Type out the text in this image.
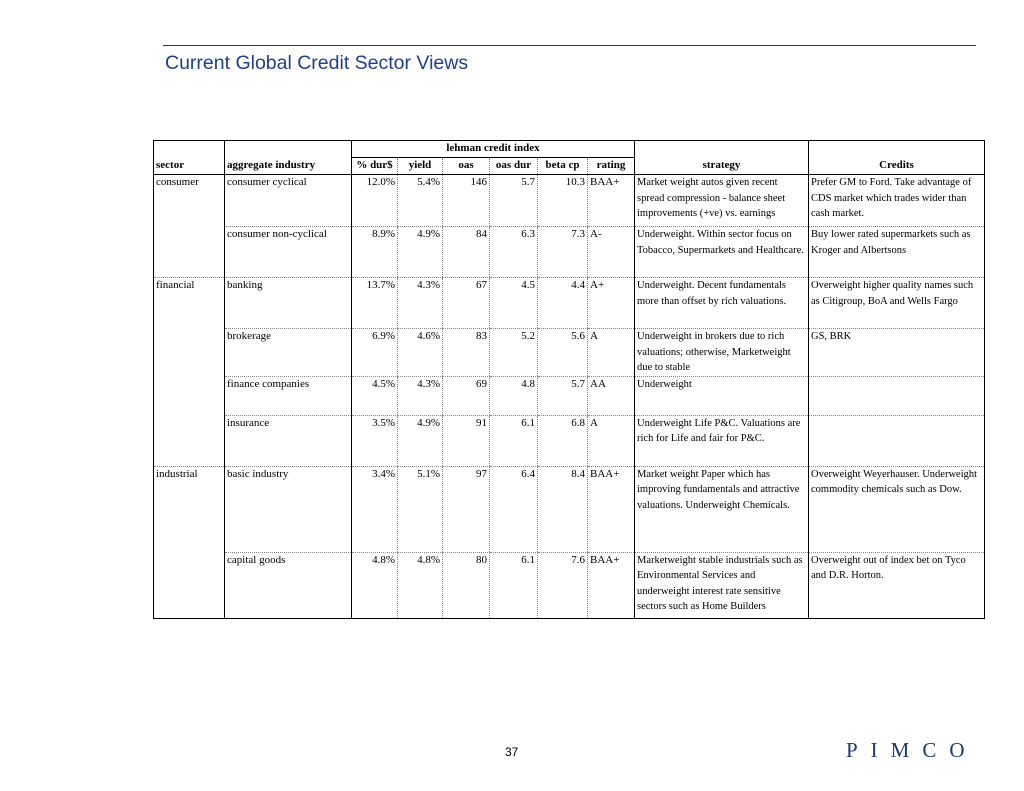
Current Global Credit Sector Views
		lehman credit index							
sector	aggregate industry	% dur$	yield	oas	oas dur	beta cp	rating	strategy	Credits
consumer	consumer cyclical	12.0%	5.4%	146	5.7	10.3	BAA+	Market weight autos given recent spread compression - balance sheet improvements (+ve) vs. earnings	Prefer GM to Ford. Take advantage of CDS market which trades wider than cash market.
	consumer non-cyclical	8.9%	4.9%	84	6.3	7.3	A-	Underweight. Within sector focus on Tobacco, Supermarkets and Healthcare.	Buy lower rated supermarkets such as Kroger and Albertsons
financial	banking	13.7%	4.3%	67	4.5	4.4	A+	Underweight. Decent fundamentals more than offset by rich valuations.	Overweight higher quality names such as Citigroup, BoA and Wells Fargo
	brokerage	6.9%	4.6%	83	5.2	5.6	A	Underweight in brokers due to rich valuations; otherwise, Marketweight due to stable	GS, BRK
	finance companies	4.5%	4.3%	69	4.8	5.7	AA	Underweight	
	insurance	3.5%	4.9%	91	6.1	6.8	A	Underweight Life P&C. Valuations are rich for Life and fair for P&C.	
industrial	basic industry	3.4%	5.1%	97	6.4	8.4	BAA+	Market weight Paper which has improving fundamentals and attractive valuations. Underweight Chemicals.	Overweight Weyerhauser. Underweight commodity chemicals such as Dow.
	capital goods	4.8%	4.8%	80	6.1	7.6	BAA+	Marketweight stable industrials such as Environmental Services and underweight interest rate sensitive sectors such as Home Builders	Overweight out of index bet on Tyco and D.R. Horton.
37	PIMCO
